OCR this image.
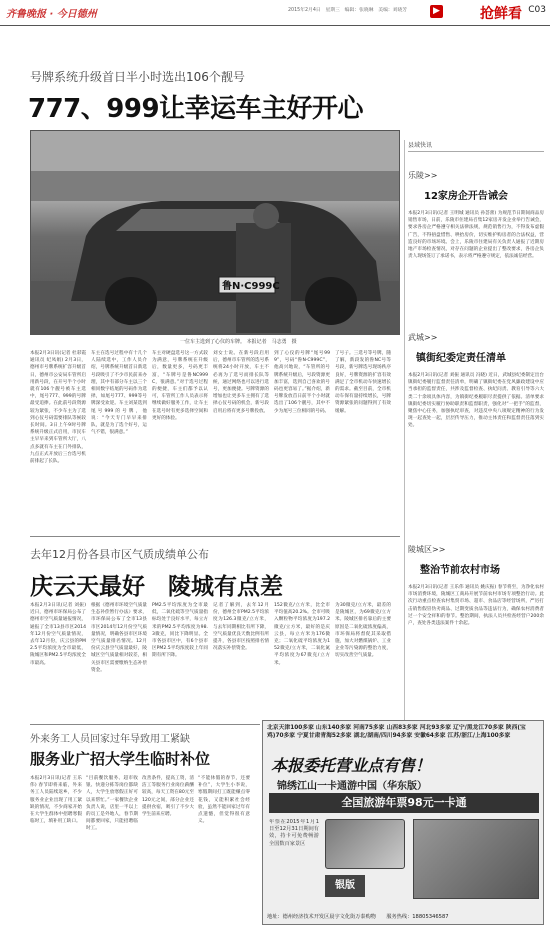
齐鲁晚报 · 今日德州	2015年2月4日　星期三　编辑：张晓琳　美编：刘晓芳	▶	抢鲜看 C03
号牌系统升级首日半小时选出106个靓号
777、999让幸运车主好开心
鲁N·C999C
一位车主选到了心仪的车牌。 本报记者　马志勇　摄
本报2月3日讯(记者 杜彩霞 通讯员 纪凤娟) 2月3日，德州市号牌系统扩容升级首日，德州市公安局车管所启用新号段，在开号半个小时就有106个靓号被车主选中，尾号777、999的号牌最受追捧。在此前号段资源较为紧张，不少车主为了选到心仪号码需要排队等候较长时间。3日上午9时号牌系统升级正式启用，市民车主早早来到车管所大厅，八点多就有车主在门外排队，九点正式开放后三台选号机前排起了长队。
车主在选号过程中有十几个人陆续选中，工作人员介绍，号牌系统升级首日新选号段吸引了不少市民前来办理，其中有部分车主以三个相同数字结尾的号码作为选择，如尾号777、999等号牌深受欢迎。车主刘某选到尾号999的号牌，他说：“今天专门早早来排队，就是为了选个好号，运气不错，很满意。”
车主对硬盘选号这一方式较为满意，号牌系统在升级后，数量更多，号码更丰富，“车牌号是鲁NC999C，很满意。”对于选号过程的便捷，车主们都予以认可，车管所工作人员表示将继续做好服务工作，让车主在选号时有更多选择空间和更好的体验。
刘女士说。在新号段启用后，德州市车管所的选号系统将24小时开放，车主不必再为了选号而排长队等候，通过网络也可以进行选号，更加便捷。号牌资源的增加也让更多车主拥有了选择心仪号码的机会，新号段启用后将有更多号牌投放。
到了心仪的号牌“尾号999”，号码“鲁N·C999C”，他高兴地说，“车管所的号牌系统升级后，号段资源更加丰富，选到自己喜欢的号码也更容易了。”据介绍，新号牌发放首日前半个小时就选出了106个靓号，其中不少为尾号三位相同的号码。
了号子。三选号等号牌，随了解，新段发的鲁NC号等号段，新号牌选号现场秩序良好，号牌资源的扩容有效满足了全市机动车快速增长的需求。截至目前，全市机动车保有量持续增长，号牌资源紧张的问题得到了有效缓解。
县域快讯
乐陵>>
12家房企开告诫会
本报2月3日讯(记者 王明城 通讯员 孙荟蕾) 为规范节日期间商品房销售市场，日前，乐陵市住建局召集12家房开发企业举行告诫会，要求各房企严格遵守相关法律法规，规范销售行为，不得发布虚假广告，不得捂盘惜售、哄抬房价，切实维护购房者的合法权益，营造良好的市场环境。会上，乐陵市住建局有关负责人通报了近期房地产市场检查情况，对存在问题的企业提出了整改要求，各房企负责人现场签订了承诺书，表示将严格遵守规定，依法诚信经营。
武城>>
镇街纪委定责任清单
本报2月3日讯(记者 刘振 通讯员 冯晓) 近日，武城县纪委制定出台镇街纪委履行监督责任清单，明确了镇街纪委在党风廉政建设中应当承担的监督责任，共涉及监督检查、执纪问责、教育引导等六大类二十余项具体内容，为镇街纪委履职尽责提供了依据。清单要求镇街纪委切实履行协助职责和监督职责，强化对“一把手”的监督，聚焦中心任务，加强执纪审查，对违反中央八项规定精神的行为发现一起查处一起，层层传导压力，推动主体责任和监督责任落到实处。
陵城区>>
整治节前农村市场
本报2月3日讯(记者 王乐伟 通讯员 姚庆振) 春节将至，为净化农村市场消费环境，陵城区工商局开展节前农村市场专项整治行动。此次行动重点检查农村集贸市场、超市、食品店等经营场所，严厉打击销售假冒伪劣商品、过期变质食品等违法行为，确保农村消费者过一个安全祥和的春节。整治期间，执法人员共检查经营户200余户，查处各类违法案件十余起。
去年12月份各县市区气质成绩单公布
庆云天最好　陵城有点差
本报2月3日讯(记者 刘振) 近日，德州市环保局公布了德州市空气质量通报情况，通报了全市13县市区2014年12月份空气质量情况，去年12月份，庆云县的PM2.5平均浓度为全市最低，陵城区和PM2.5平均浓度全市最高。
根据《德州市环境空气质量生态补偿暂行办法》要求，市环保局公布了全市13县市区2014年12月份空气质量情况，明确各县市区环境空气质量排名情况。12月份庆云县空气质量最好，陵城区空气质量相对较差，相关县市区需要缴纳生态补偿资金。
PM2.5平均浓度为全市最低，二氧化硫等空气质量指标均处于良好水平，每立方米的PM2.5平均浓度为98.3微克，同比下降明显。全市各县市区中，有6个县市区PM2.5平均浓度较上年同期有所下降。
记者了解到，去年12月份，德州全市PM2.5平均浓度为126.3微克/立方米，与去年同期相比有所下降，空气质量优良天数比例有所提升，各县市区按照排名情况落实补偿资金。
152微克/立方米，比全市平均值高20.2%。全市可吸入颗粒物平均浓度为197.2微克/立方米，最好的是庆云县，每立方米为176微克；二氧化硫平均浓度为152微克/立方米，二氧化氮平均浓度为67微克/立方米。
为30微克/立方米，最差的是陵城区，为69微克/立方米。陵城区排名靠后的主要原因是二氧化硫浓度偏高，市环保局将督促其采取措施，加大对燃煤锅炉、工业企业等污染源的整治力度，切实改善空气质量。
外来务工人员回家过年导致用工紧缺
服务业广招大学生临时补位
本报2月3日讯(记者 王乐伟) 春节即将来临，外来务工人员陆续返乡，不少服务业企业出现了用工紧缺的情况，不少商家开始在大学生群体中招聘寒假临时工，填补用工缺口。
“目前餐饮服务、超市收银、快递分拣等岗位都缺人，大学生放寒假正好可以来帮忙。”一家餐饮企业负责人说，店里一半以上的员工是外地人，春节期间都要回家，只能招聘临时工。
改善条件，提高工资，清洁工等服务行业岗位薪酬较高，每天工资在80元至120元之间，部分企业还提供食宿，吸引了不少大学生前来应聘。
“不能休假的春节，还要补位”，大学生小李说，寒假期间打工既能赚点零花钱，又能积累社会经验，虽然不能回家过年有点遗憾，但觉得很有意义。
北京天津100多家 山东140多家 河南75多家 山西83多家 河北93多家 辽宁/黑龙江70多家 陕西(宝鸡)70多家 宁夏甘肃青海52多家 湖北/湖南/四川94多家 安徽64多家 江苏/浙江/上海100多家
本报委托营业点有售！
锦绣江山一卡通游中国（华东版）
全国旅游年票98元一卡通
年票在2015年1月1日至12月31日期间有效，持卡可免费畅游全国数百家景区
银版
地址：德州经济技术开发区晨宇文化街万泰购物　　服务热线：18805346587
